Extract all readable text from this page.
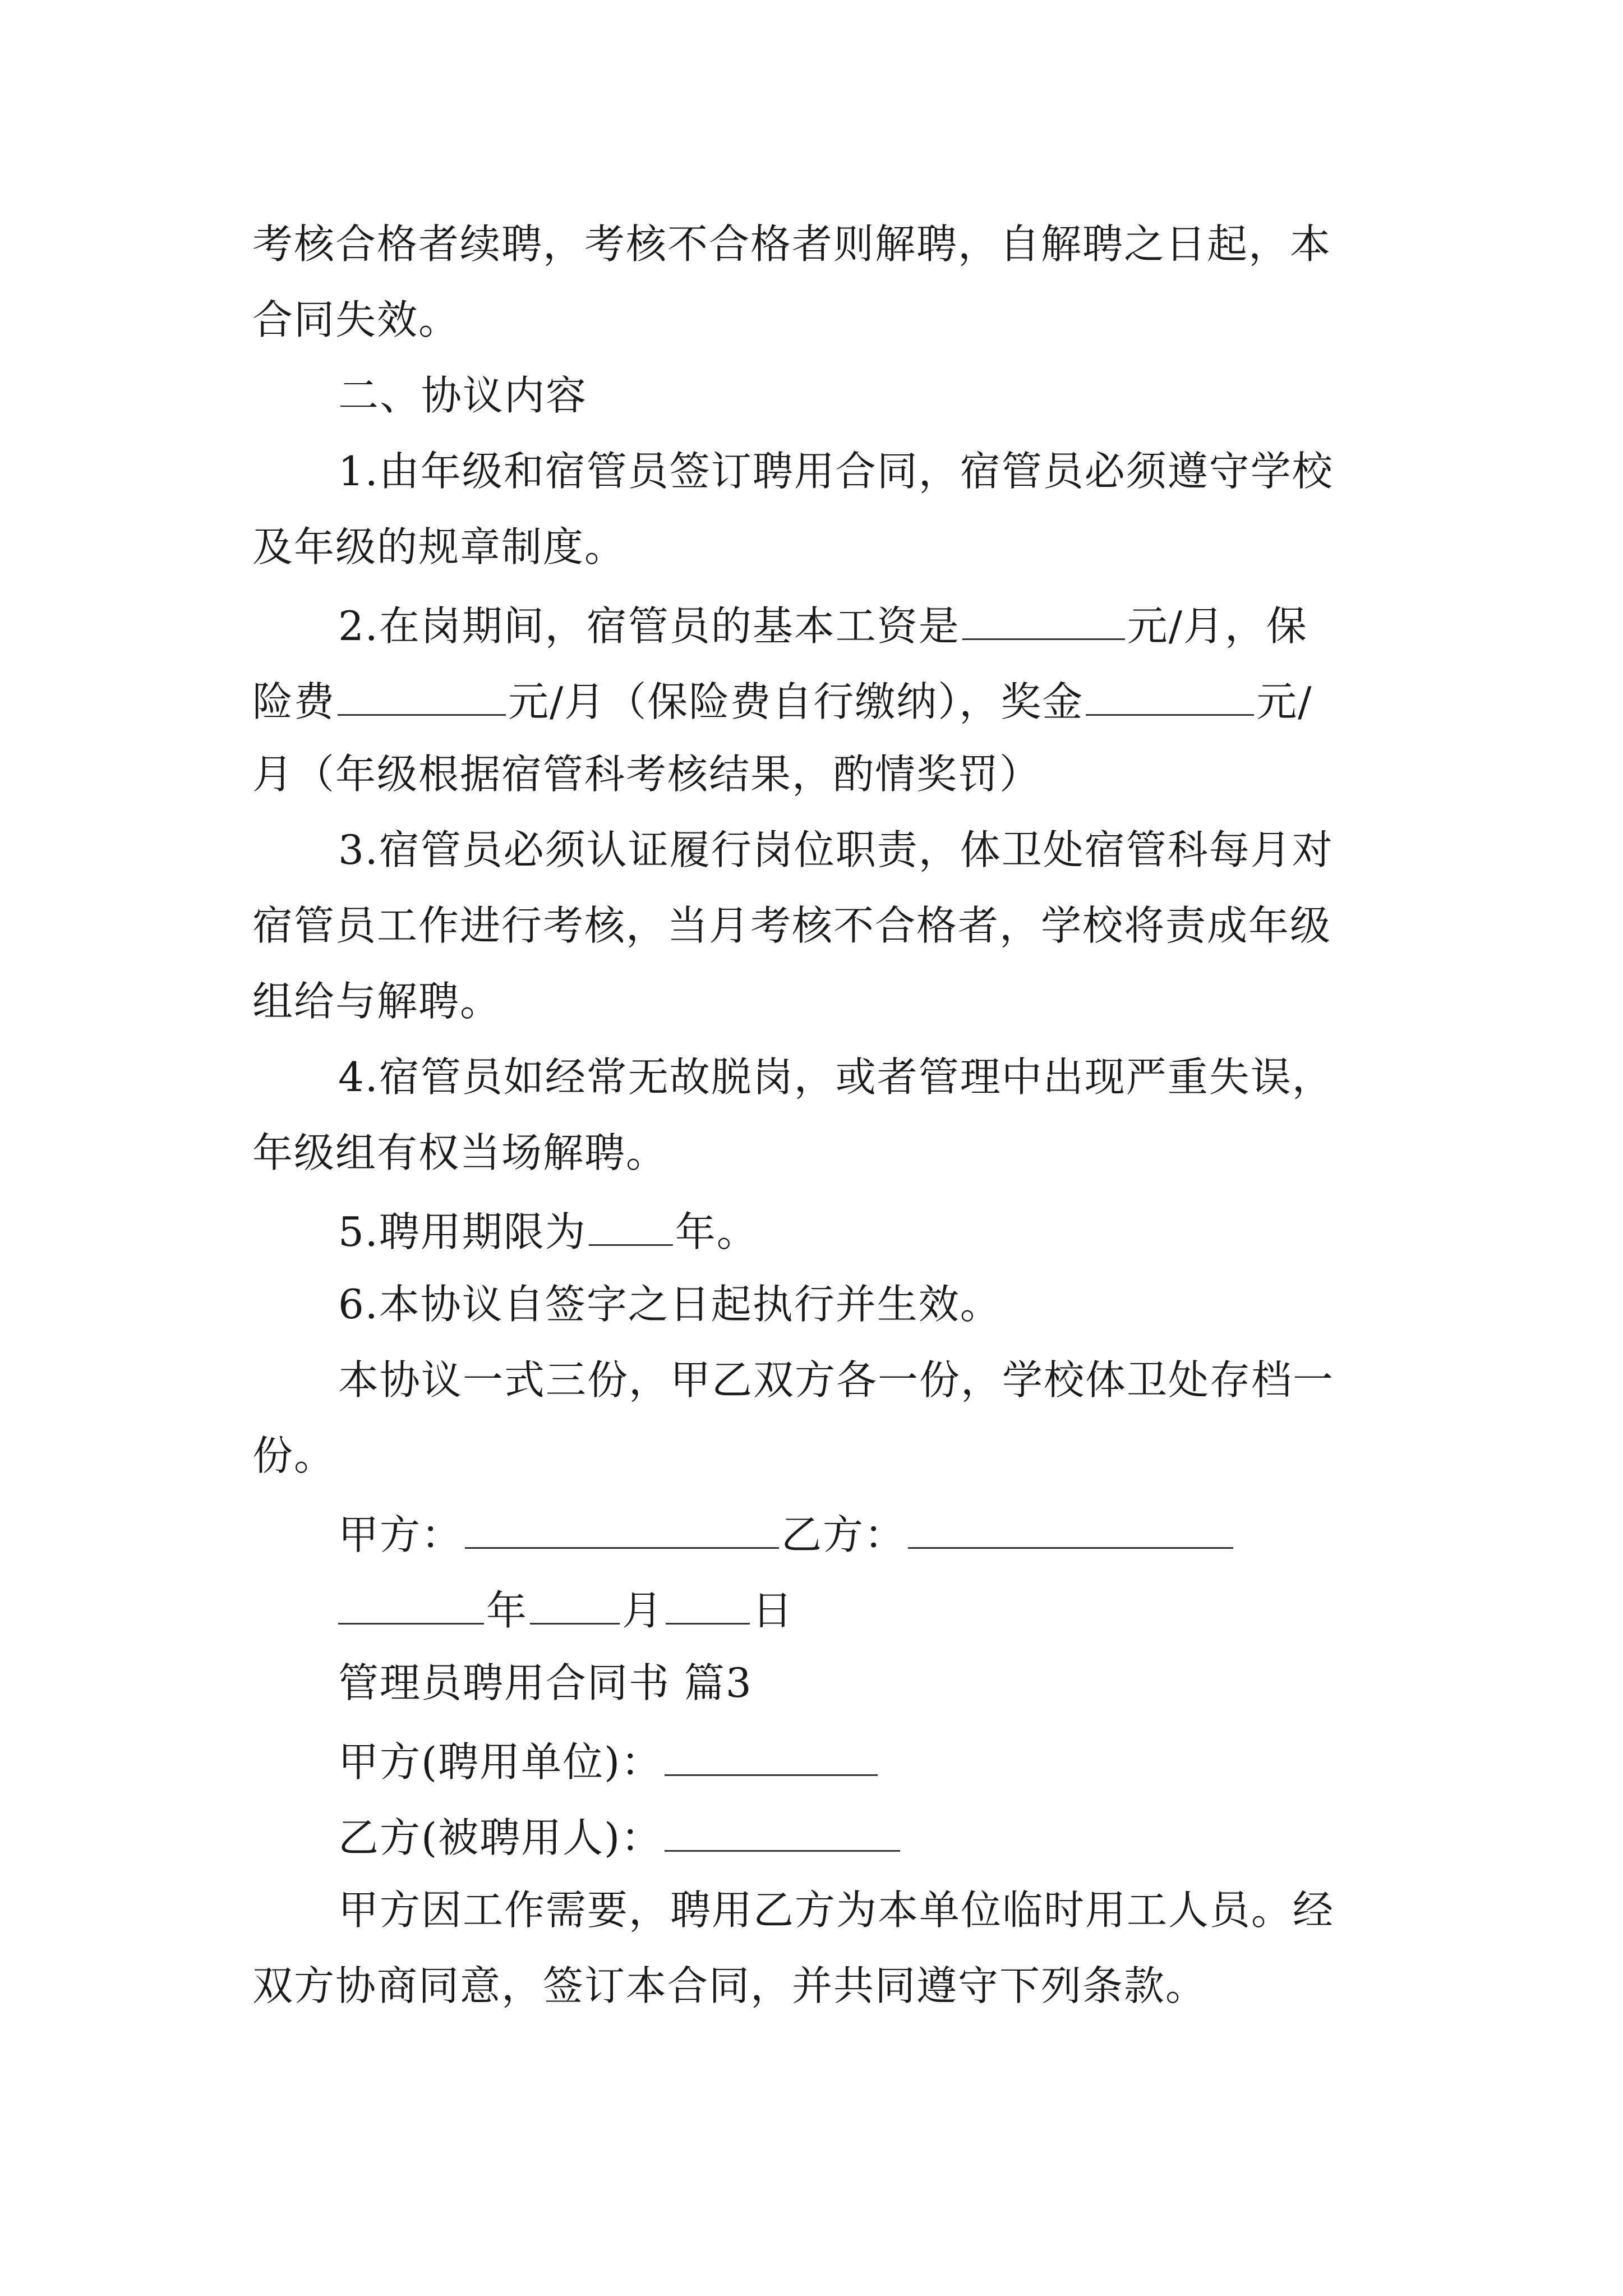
考核合格者续聘，考核不合格者则解聘，自解聘之日起，本
合同失效。
二、协议内容
1.由年级和宿管员签订聘用合同，宿管员必须遵守学校
及年级的规章制度。
2.在岗期间，宿管员的基本工资是	元/月，保
险费	元/月（保险费自行缴纳），奖金	元/
月（年级根据宿管科考核结果，酌情奖罚）
3.宿管员必须认证履行岗位职责，体卫处宿管科每月对
宿管员工作进行考核，当月考核不合格者，学校将责成年级
组给与解聘。
4.宿管员如经常无故脱岗，或者管理中出现严重失误，
年级组有权当场解聘。
5.聘用期限为 年。
6.本协议自签字之日起执行并生效。
本协议一式三份，甲乙双方各一份，学校体卫处存档一
份。
甲方：	乙方：
年 月 日
管理员聘用合同书 篇3
甲方(聘用单位)：
乙方(被聘用人)：
甲方因工作需要，聘用乙方为本单位临时用工人员。经
双方协商同意，签订本合同，并共同遵守下列条款。
